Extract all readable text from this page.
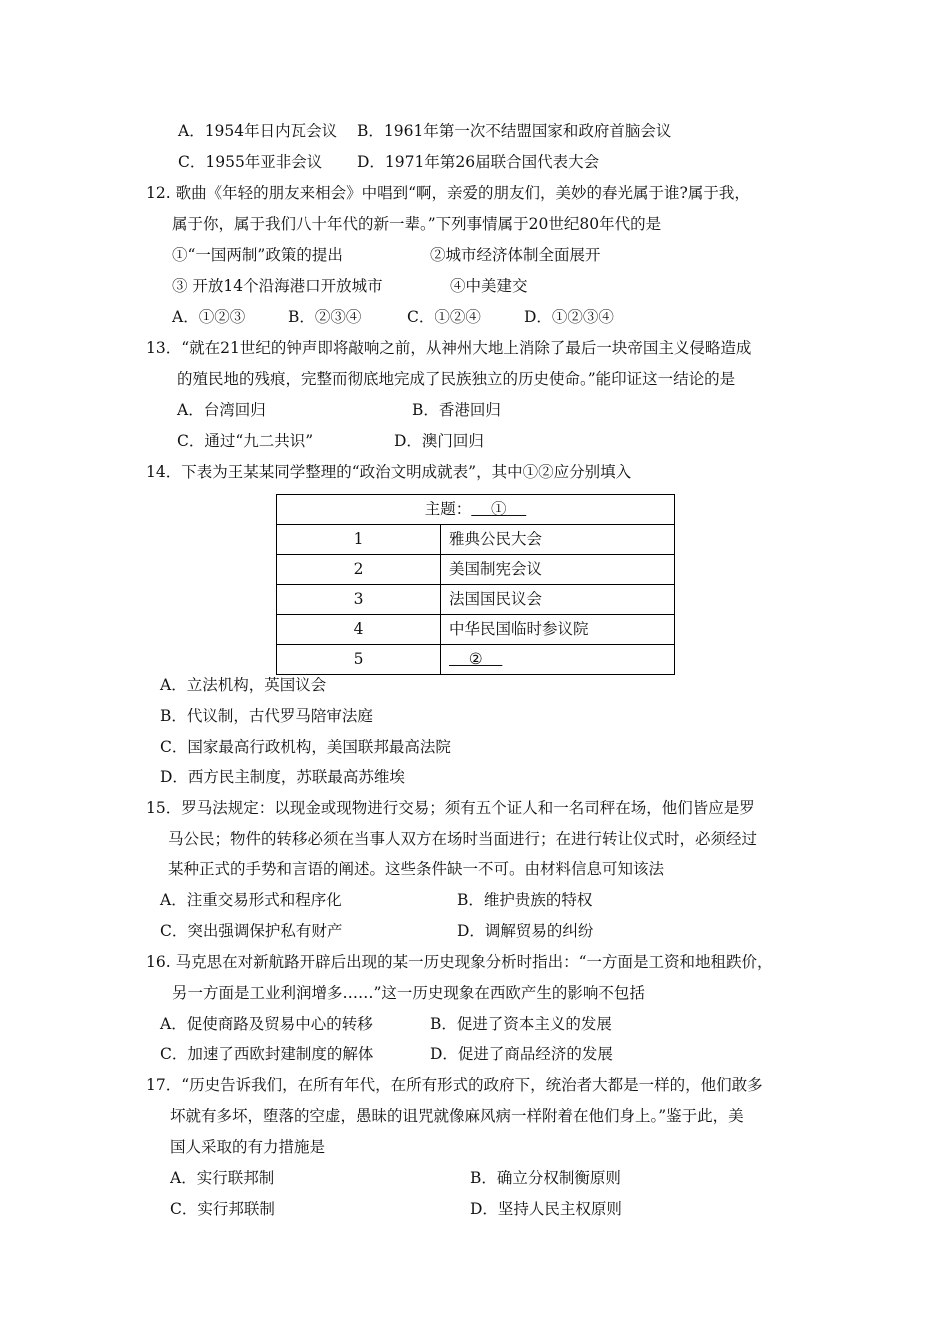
A．1954年日内瓦会议 B．1961年第一次不结盟国家和政府首脑会议
C．1955年亚非会议 D．1971年第26届联合国代表大会
12. 歌曲《年轻的朋友来相会》中唱到“啊，亲爱的朋友们，美妙的春光属于谁?属于我，
属于你，属于我们八十年代的新一辈。”下列事情属于20世纪80年代的是
①“一国两制”政策的提出	②城市经济体制全面展开
③ 开放14个沿海港口开放城市	④中美建交
A．①②③	B．②③④	C．①②④	D．①②③④
13．“就在21世纪的钟声即将敲响之前，从神州大地上消除了最后一块帝国主义侵略造成
的殖民地的残痕，完整而彻底地完成了民族独立的历史使命。”能印证这一结论的是
A．台湾回归	B．香港回归
C．通过“九二共识”	D．澳门回归
14．下表为王某某同学整理的“政治文明成就表”，其中①②应分别填入
主题：    ①	
1	雅典公民大会
2	美国制宪会议
3	法国国民议会
4	中华民国临时参议院
5	②
A．立法机构，英国议会
B．代议制，古代罗马陪审法庭
C．国家最高行政机构，美国联邦最高法院
D．西方民主制度，苏联最高苏维埃
15．罗马法规定：以现金或现物进行交易；须有五个证人和一名司秤在场，他们皆应是罗
马公民；物件的转移必须在当事人双方在场时当面进行；在进行转让仪式时，必须经过
某种正式的手势和言语的阐述。这些条件缺一不可。由材料信息可知该法
A．注重交易形式和程序化	B．维护贵族的特权
C．突出强调保护私有财产	D．调解贸易的纠纷
16. 马克思在对新航路开辟后出现的某一历史现象分析时指出：“一方面是工资和地租跌价，
另一方面是工业利润增多……”这一历史现象在西欧产生的影响不包括
A．促使商路及贸易中心的转移	B．促进了资本主义的发展
C．加速了西欧封建制度的解体	D．促进了商品经济的发展
17．“历史告诉我们，在所有年代，在所有形式的政府下，统治者大都是一样的，他们敢多
坏就有多坏，堕落的空虚，愚昧的诅咒就像麻风病一样附着在他们身上。”鉴于此，美
国人采取的有力措施是
A．实行联邦制	B．确立分权制衡原则
C．实行邦联制	D．坚持人民主权原则
